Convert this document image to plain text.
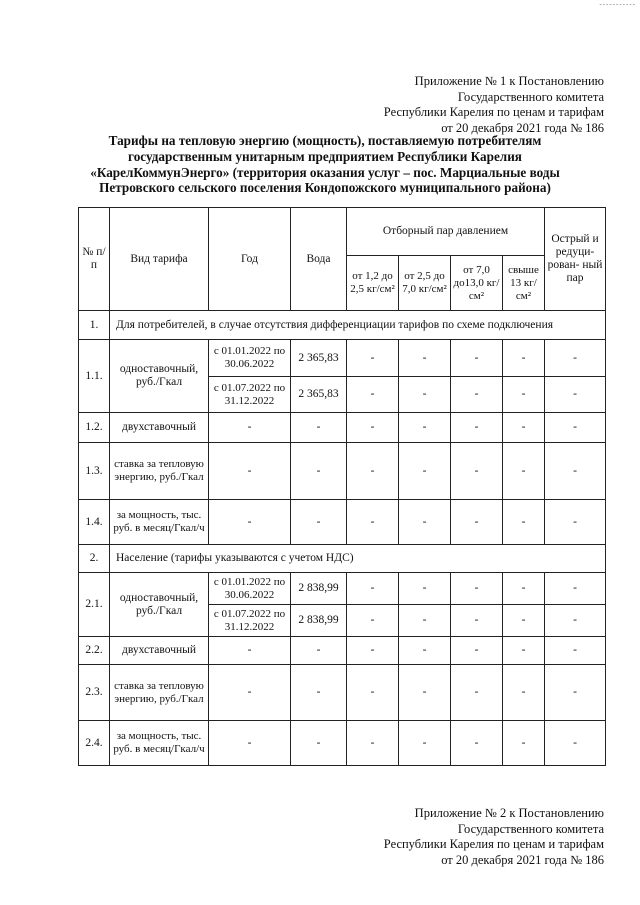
-----------
Приложение № 1 к Постановлению
Государственного комитета
Республики Карелия по ценам и тарифам
от 20 декабря 2021 года № 186
Тарифы на тепловую энергию (мощность), поставляемую потребителям
государственным унитарным предприятием Республики Карелия
«КарелКоммунЭнерго» (территория оказания услуг – пос. Марциальные воды
Петровского сельского поселения Кондопожского муниципального района)
№ п/п	Вид тарифа	Год	Вода	Отборный пар давлением				Острый и редуци- рован- ный пар
				от 1,2 до 2,5 кг/см²	от 2,5 до 7,0 кг/см²	от 7,0 до13,0 кг/см²	свыше 13 кг/см²	
1.	Для потребителей, в случае отсутствия дифференциации тарифов по схеме подключения							
1.1.	одноставочный, руб./Гкал	с 01.01.2022 по 30.06.2022	2 365,83	-	-	-	-	-
		с 01.07.2022 по 31.12.2022	2 365,83	-	-	-	-	-
1.2.	двухставочный	-	-	-	-	-	-	-
1.3.	ставка за тепловую энергию, руб./Гкал	-	-	-	-	-	-	-
1.4.	за мощность, тыс. руб. в месяц/Гкал/ч	-	-	-	-	-	-	-
2.	Население (тарифы указываются с учетом НДС)							
2.1.	одноставочный, руб./Гкал	с 01.01.2022 по 30.06.2022	2 838,99	-	-	-	-	-
		с 01.07.2022 по 31.12.2022	2 838,99	-	-	-	-	-
2.2.	двухставочный	-	-	-	-	-	-	-
2.3.	ставка за тепловую энергию, руб./Гкал	-	-	-	-	-	-	-
2.4.	за мощность, тыс. руб. в месяц/Гкал/ч	-	-	-	-	-	-	-
Приложение № 2 к Постановлению
Государственного комитета
Республики Карелия по ценам и тарифам
от 20 декабря 2021 года № 186
